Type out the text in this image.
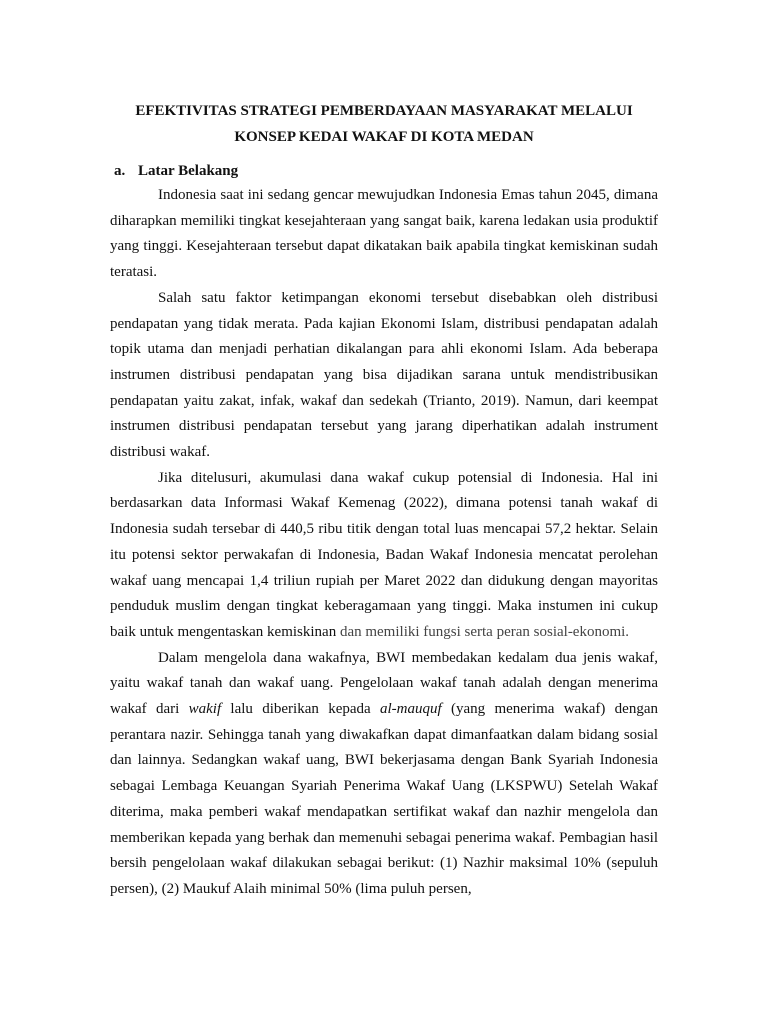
EFEKTIVITAS STRATEGI PEMBERDAYAAN MASYARAKAT MELALUI
KONSEP KEDAI WAKAF DI KOTA MEDAN
a. Latar Belakang

Indonesia saat ini sedang gencar mewujudkan Indonesia Emas tahun 2045, dimana diharapkan memiliki tingkat kesejahteraan yang sangat baik, karena ledakan usia produktif yang tinggi. Kesejahteraan tersebut dapat dikatakan baik apabila tingkat kemiskinan sudah teratasi.

Salah satu faktor ketimpangan ekonomi tersebut disebabkan oleh distribusi pendapatan yang tidak merata. Pada kajian Ekonomi Islam, distribusi pendapatan adalah topik utama dan menjadi perhatian dikalangan para ahli ekonomi Islam. Ada beberapa instrumen distribusi pendapatan yang bisa dijadikan sarana untuk mendistribusikan pendapatan yaitu zakat, infak, wakaf dan sedekah (Trianto, 2019). Namun, dari keempat instrumen distribusi pendapatan tersebut yang jarang diperhatikan adalah instrument distribusi wakaf.

Jika ditelusuri, akumulasi dana wakaf cukup potensial di Indonesia. Hal ini berdasarkan data Informasi Wakaf Kemenag (2022), dimana potensi tanah wakaf di Indonesia sudah tersebar di 440,5 ribu titik dengan total luas mencapai 57,2 hektar. Selain itu potensi sektor perwakafan di Indonesia, Badan Wakaf Indonesia mencatat perolehan wakaf uang mencapai 1,4 triliun rupiah per Maret 2022 dan didukung dengan mayoritas penduduk muslim dengan tingkat keberagamaan yang tinggi. Maka instumen ini cukup baik untuk mengentaskan kemiskinan dan memiliki fungsi serta peran sosial-ekonomi.

Dalam mengelola dana wakafnya, BWI membedakan kedalam dua jenis wakaf, yaitu wakaf tanah dan wakaf uang. Pengelolaan wakaf tanah adalah dengan menerima wakaf dari wakif lalu diberikan kepada al-mauquf (yang menerima wakaf) dengan perantara nazir. Sehingga tanah yang diwakafkan dapat dimanfaatkan dalam bidang sosial dan lainnya. Sedangkan wakaf uang, BWI bekerjasama dengan Bank Syariah Indonesia sebagai Lembaga Keuangan Syariah Penerima Wakaf Uang (LKSPWU) Setelah Wakaf diterima, maka pemberi wakaf mendapatkan sertifikat wakaf dan nazhir mengelola dan memberikan kepada yang berhak dan memenuhi sebagai penerima wakaf. Pembagian hasil bersih pengelolaan wakaf dilakukan sebagai berikut: (1) Nazhir maksimal 10% (sepuluh persen), (2) Maukuf Alaih minimal 50% (lima puluh persen,
